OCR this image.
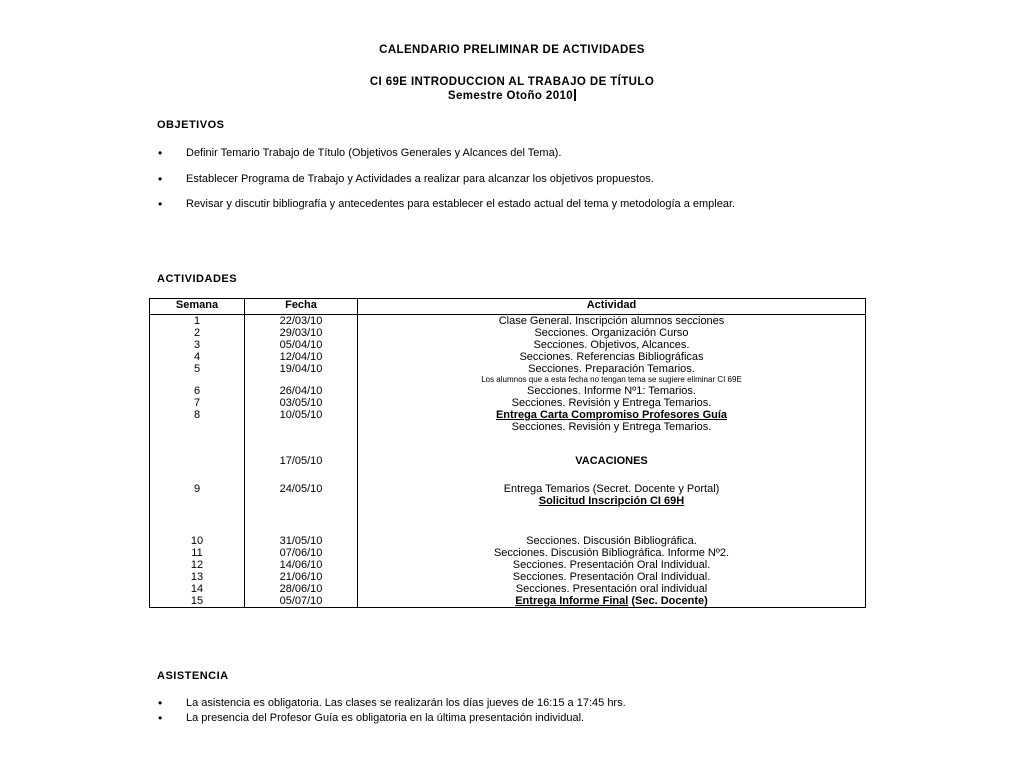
CALENDARIO PRELIMINAR DE ACTIVIDADES
CI 69E INTRODUCCION AL TRABAJO DE TÍTULO
Semestre Otoño 2010
OBJETIVOS
• Definir Temario Trabajo de Título (Objetivos Generales y Alcances del Tema).
• Establecer Programa de Trabajo y Actividades a realizar para alcanzar los objetivos propuestos.
• Revisar y discutir bibliografía y antecedentes para establecer el estado actual del tema y metodología a emplear.
ACTIVIDADES
Semana	Fecha	Actividad
1	22/03/10	Clase General. Inscripción alumnos secciones
2	29/03/10	Secciones. Organización Curso
3	05/04/10	Secciones. Objetivos, Alcances.
4	12/04/10	Secciones. Referencias Bibliográficas
5	19/04/10	Secciones. Preparación Temarios.
		Los alumnos que a esta fecha no tengan tema se sugiere eliminar CI 69E
6	26/04/10	Secciones. Informe Nº1: Temarios.
7	03/05/10	Secciones. Revisión y Entrega Temarios.
8	10/05/10	Entrega Carta Compromiso Profesores Guía
		Secciones. Revisión y Entrega Temarios.
	17/05/10	VACACIONES
9	24/05/10	Entrega Temarios (Secret. Docente y Portal)
		Solicitud Inscripción CI 69H
10	31/05/10	Secciones. Discusión Bibliográfica.
11	07/06/10	Secciones. Discusión Bibliográfica. Informe Nº2.
12	14/06/10	Secciones. Presentación Oral Individual.
13	21/06/10	Secciones. Presentación Oral Individual.
14	28/06/10	Secciones. Presentación oral individual
15	05/07/10	Entrega Informe Final (Sec. Docente)
ASISTENCIA
• La asistencia es obligatoria. Las clases se realizarán los días jueves de 16:15 a 17:45 hrs.
• La presencia del Profesor Guía es obligatoria en la última presentación individual.
